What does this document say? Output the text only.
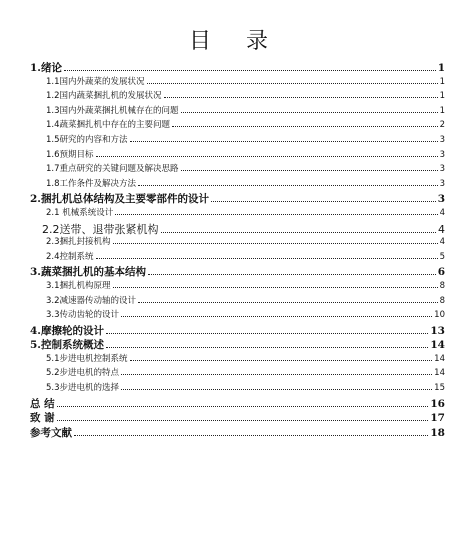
目 录
1.绪论	1
1.1国内外蔬菜的发展状况	1
1.2国内蔬菜捆扎机的发展状况	1
1.3国内外蔬菜捆扎机械存在的问题	1
1.4蔬菜捆扎机中存在的主要问题	2
1.5研究的内容和方法	3
1.6预期目标	3
1.7重点研究的关键问题及解决思路	3
1.8工作条件及解决方法	3
2.捆扎机总体结构及主要零部件的设计	3
2.1 机械系统设计	4
2.2送带、退带张紧机构	4
2.3捆扎封接机构	4
2.4控制系统	5
3.蔬菜捆扎机的基本结构	6
3.1捆扎机构原理	8
3.2减速器传动轴的设计	8
3.3传动齿轮的设计	10
4.摩擦轮的设计	13
5.控制系统概述	14
5.1步进电机控制系统	14
5.2步进电机的特点	14
5.3步进电机的选择	15
总 结	16
致 谢	17
参考文献	18
